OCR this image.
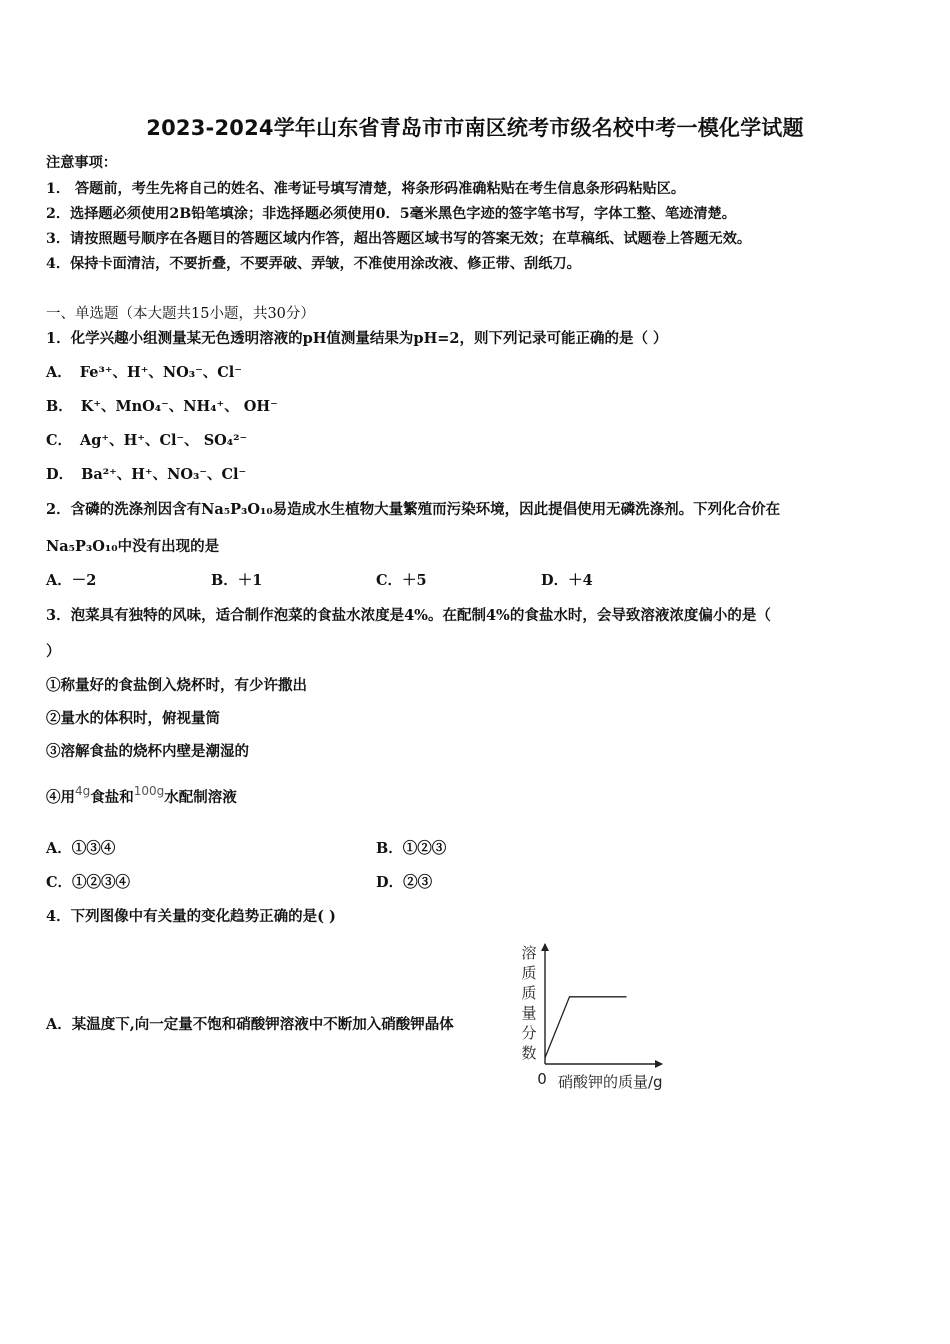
2023-2024学年山东省青岛市市南区统考市级名校中考一模化学试题
注意事项：
1． 答题前，考生先将自己的姓名、准考证号填写清楚，将条形码准确粘贴在考生信息条形码粘贴区。
2．选择题必须使用2B铅笔填涂；非选择题必须使用0．5毫米黑色字迹的签字笔书写，字体工整、笔迹清楚。
3．请按照题号顺序在各题目的答题区域内作答，超出答题区域书写的答案无效；在草稿纸、试题卷上答题无效。
4．保持卡面清洁，不要折叠，不要弄破、弄皱，不准使用涂改液、修正带、刮纸刀。
一、单选题（本大题共15小题，共30分）
1．化学兴趣小组测量某无色透明溶液的pH值测量结果为pH=2，则下列记录可能正确的是（ ）
A． Fe³⁺、H⁺、NO₃⁻、Cl⁻
B． K⁺、MnO₄⁻、NH₄⁺、 OH⁻
C． Ag⁺、H⁺、Cl⁻、 SO₄²⁻
D． Ba²⁺、H⁺、NO₃⁻、Cl⁻
2．含磷的洗涤剂因含有Na₅P₃O₁₀易造成水生植物大量繁殖而污染环境，因此提倡使用无磷洗涤剂。下列化合价在
Na₅P₃O₁₀中没有出现的是
A．－2	B．＋1	C．＋5	D．＋4
3．泡菜具有独特的风味，适合制作泡菜的食盐水浓度是4%。在配制4%的食盐水时，会导致溶液浓度偏小的是（
）
①称量好的食盐倒入烧杯时，有少许撒出
②量水的体积时，俯视量筒
③溶解食盐的烧杯内壁是潮湿的
④用$^{4g}$食盐和$^{100g}$水配制溶液
A．①③④	B．①②③
C．①②③④	D．②③
4．下列图像中有关量的变化趋势正确的是( )
A．某温度下,向一定量不饱和硝酸钾溶液中不断加入硝酸钾晶体
溶
质
质
量
分
数
0 硝酸钾的质量/g
